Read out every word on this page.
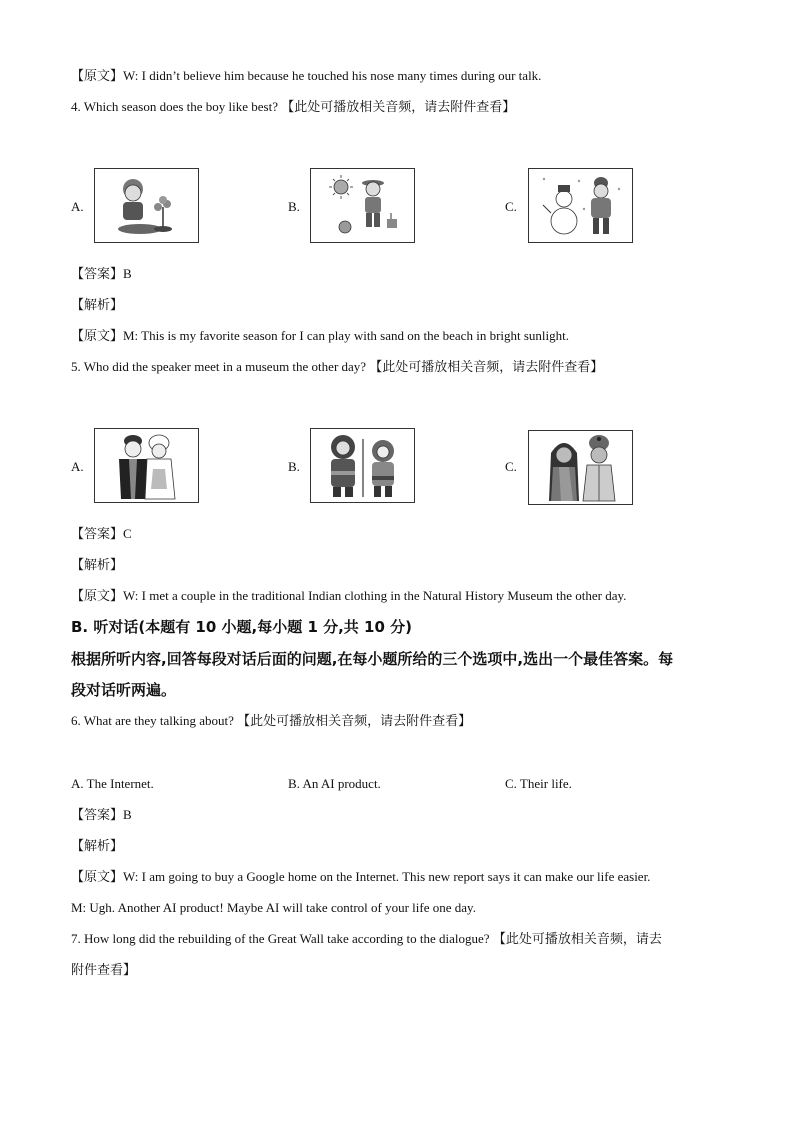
【原文】W: I didn’t believe him because he touched his nose many times during our talk.
4. Which season does the boy like best? 【此处可播放相关音频，请去附件查看】
A.	B.	C.
【答案】B
【解析】
【原文】M: This is my favorite season for I can play with sand on the beach in bright sunlight.
5. Who did the speaker meet in a museum the other day? 【此处可播放相关音频，请去附件查看】
A.	B.	C.
【答案】C
【解析】
【原文】W: I met a couple in the traditional Indian clothing in the Natural History Museum the other day.
B. 听对话(本题有 10 小题,每小题 1 分,共 10 分)
根据所听内容,回答每段对话后面的问题,在每小题所给的三个选项中,选出一个最佳答案。每
段对话听两遍。
6. What are they talking about? 【此处可播放相关音频，请去附件查看】
A. The Internet.	B. An AI product.	C. Their life.
【答案】B
【解析】
【原文】W: I am going to buy a Google home on the Internet. This new report says it can make our life easier.
M: Ugh. Another AI product! Maybe AI will take control of your life one day.
7. How long did the rebuilding of the Great Wall take according to the dialogue? 【此处可播放相关音频，请去
附件查看】
